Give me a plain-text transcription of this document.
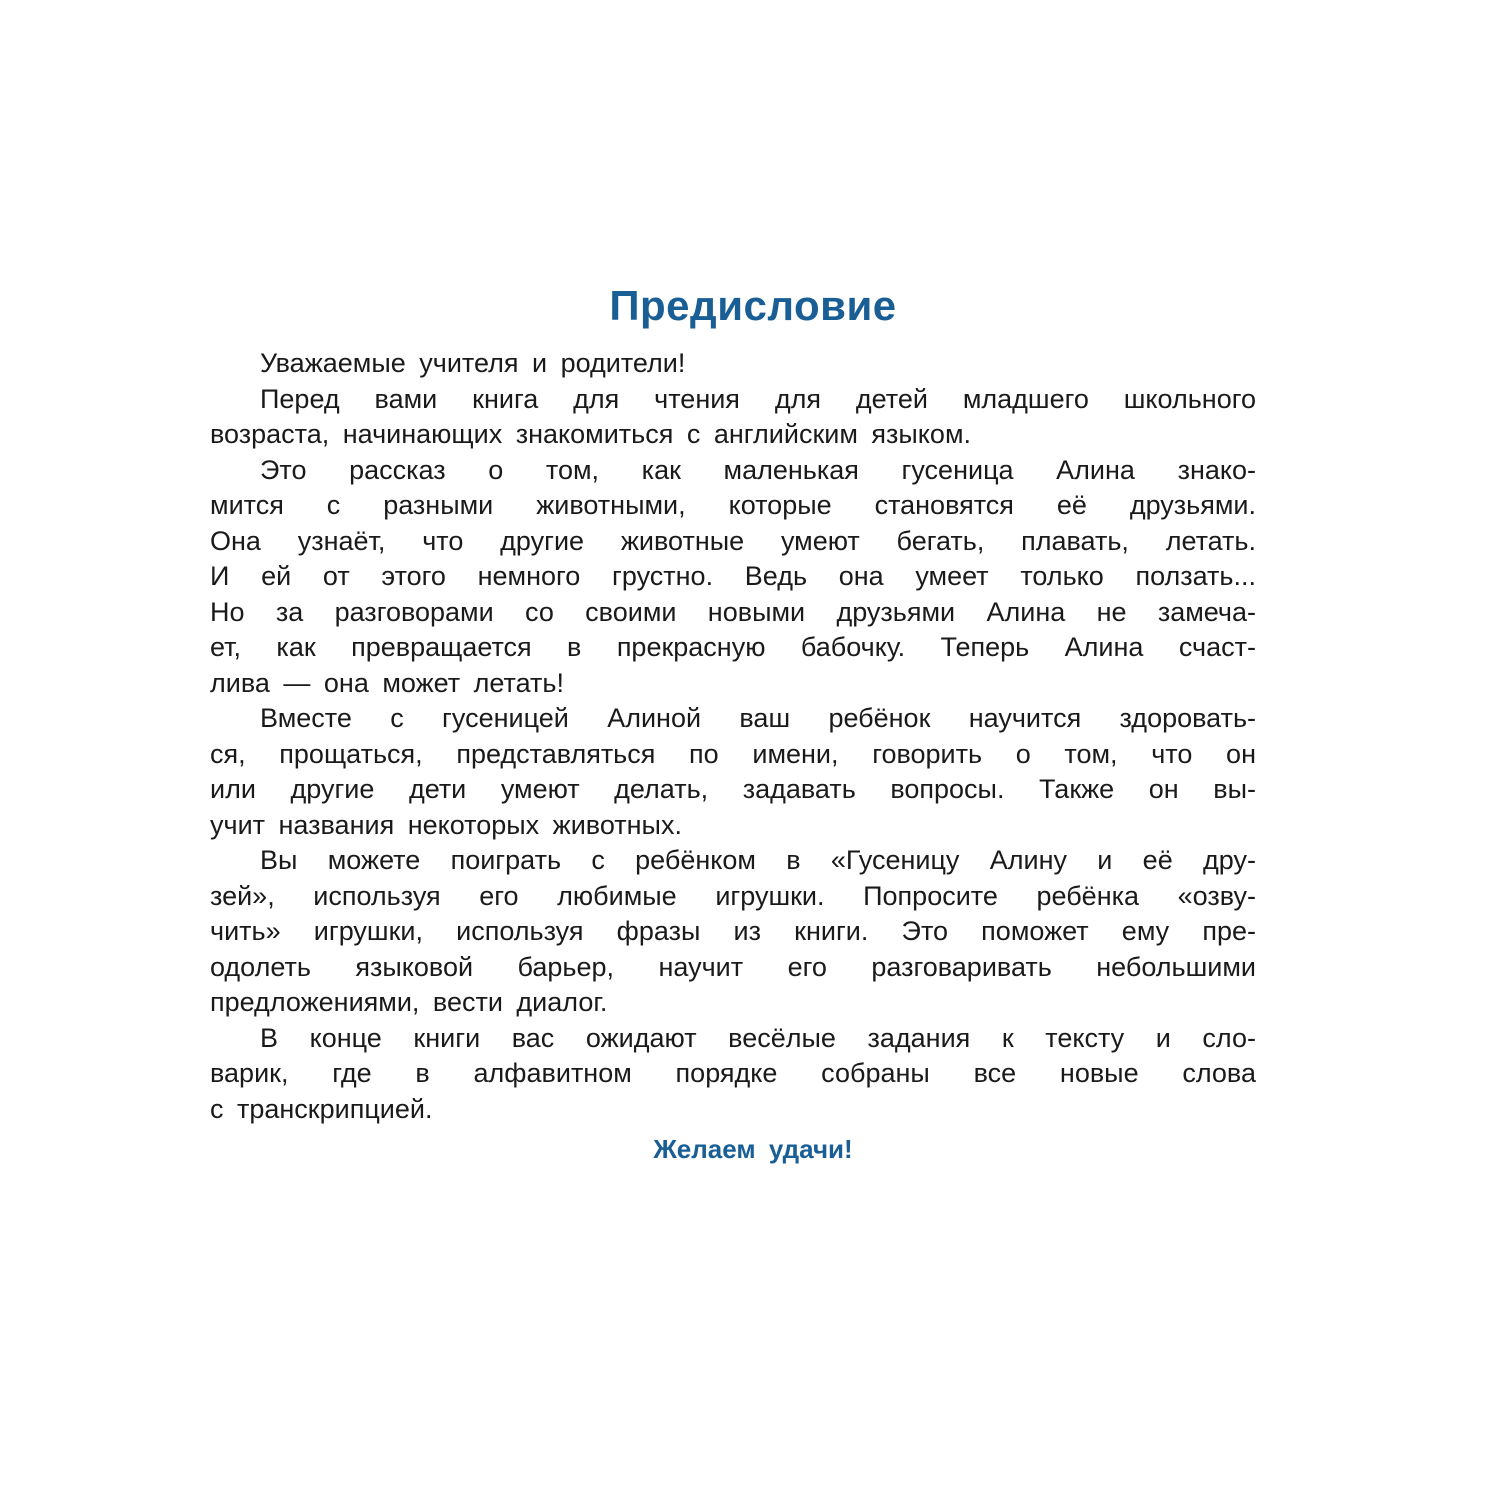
Предисловие
Уважаемые учителя и родители!
Перед вами книга для чтения для детей младшего школьного
возраста, начинающих знакомиться с английским языком.
Это рассказ о том, как маленькая гусеница Алина знако-
мится с разными животными, которые становятся её друзьями.
Она узнаёт, что другие животные умеют бегать, плавать, летать.
И ей от этого немного грустно. Ведь она умеет только ползать...
Но за разговорами со своими новыми друзьями Алина не замеча-
ет, как превращается в прекрасную бабочку. Теперь Алина счаст-
лива — она может летать!
Вместе с гусеницей Алиной ваш ребёнок научится здоровать-
ся, прощаться, представляться по имени, говорить о том, что он
или другие дети умеют делать, задавать вопросы. Также он вы-
учит названия некоторых животных.
Вы можете поиграть с ребёнком в «Гусеницу Алину и её дру-
зей», используя его любимые игрушки. Попросите ребёнка «озву-
чить» игрушки, используя фразы из книги. Это поможет ему пре-
одолеть языковой барьер, научит его разговаривать небольшими
предложениями, вести диалог.
В конце книги вас ожидают весёлые задания к тексту и сло-
варик, где в алфавитном порядке собраны все новые слова
с транскрипцией.
Желаем удачи!
